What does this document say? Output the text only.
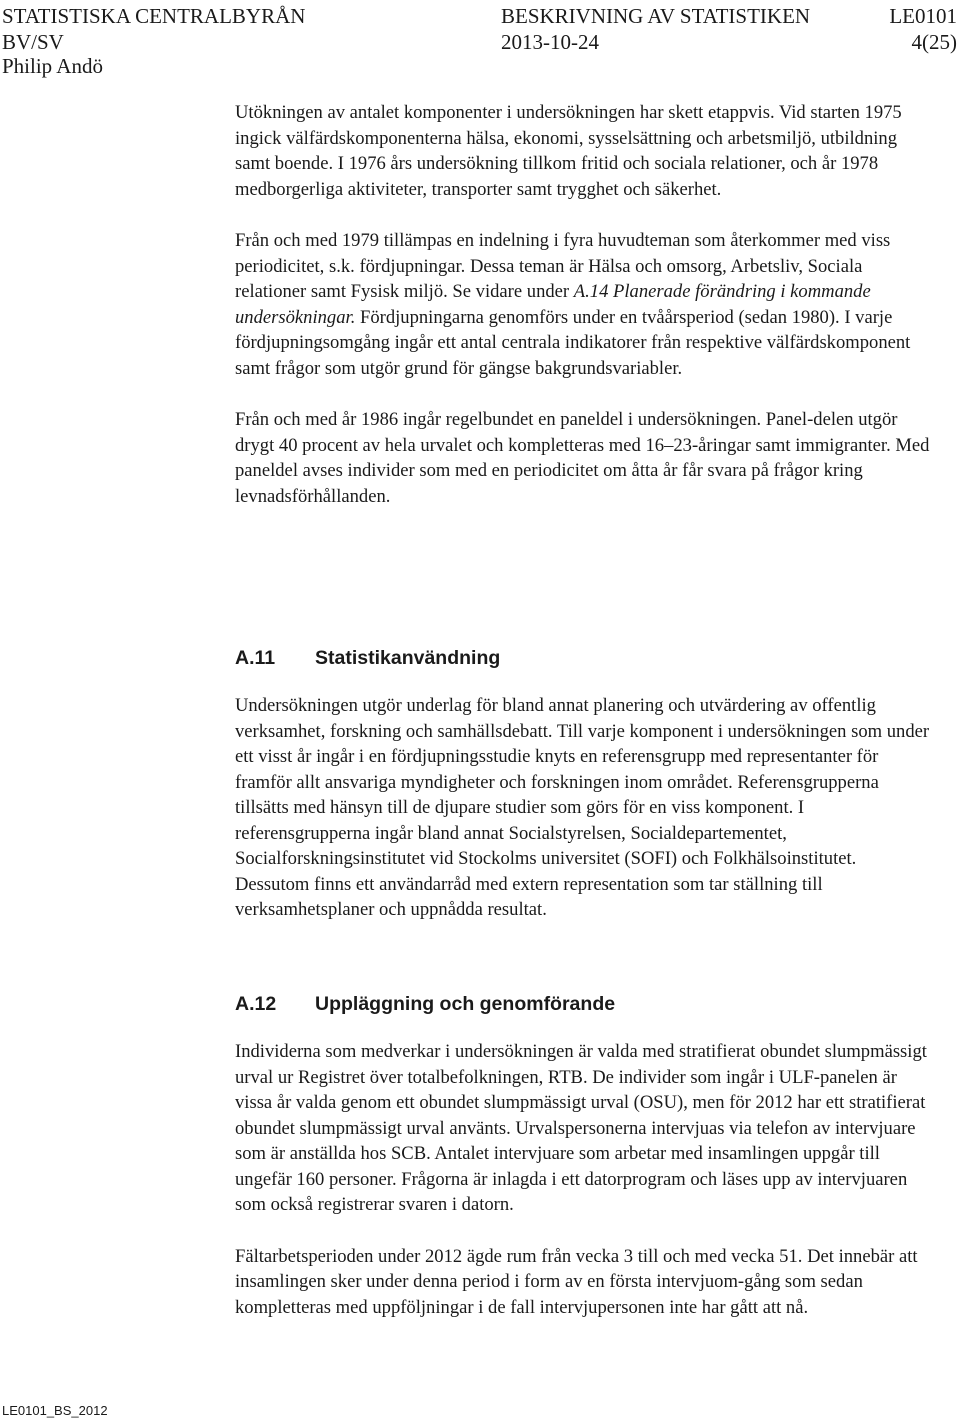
STATISTISKA CENTRALBYRÅN	BESKRIVNING AV STATISTIKEN	LE0101
BV/SV	2013-10-24	4(25)
Philip Andö

Utökningen av antalet komponenter i undersökningen har skett etappvis. Vid starten 1975 ingick välfärdskomponenterna hälsa, ekonomi, sysselsättning och arbetsmiljö, utbildning samt boende. I 1976 års undersökning tillkom fritid och sociala relationer, och år 1978 medborgerliga aktiviteter, transporter samt trygghet och säkerhet.

Från och med 1979 tillämpas en indelning i fyra huvudteman som återkommer med viss periodicitet, s.k. fördjupningar. Dessa teman är Hälsa och omsorg, Arbetsliv, Sociala relationer samt Fysisk miljö. Se vidare under A.14 Planerade förändring i kommande undersökningar. Fördjupningarna genomförs under en tvåårsperiod (sedan 1980). I varje fördjupningsomgång ingår ett antal centrala indikatorer från respektive välfärdskomponent samt frågor som utgör grund för gängse bakgrundsvariabler.

Från och med år 1986 ingår regelbundet en paneldel i undersökningen. Panel-delen utgör drygt 40 procent av hela urvalet och kompletteras med 16–23-åringar samt immigranter. Med paneldel avses individer som med en periodicitet om åtta år får svara på frågor kring levnadsförhållanden.

A.11 Statistikanvändning

Undersökningen utgör underlag för bland annat planering och utvärdering av offentlig verksamhet, forskning och samhällsdebatt. Till varje komponent i undersökningen som under ett visst år ingår i en fördjupningsstudie knyts en referensgrupp med representanter för framför allt ansvariga myndigheter och forskningen inom området. Referensgrupperna tillsätts med hänsyn till de djupare studier som görs för en viss komponent. I referensgrupperna ingår bland annat Socialstyrelsen, Socialdepartementet, Socialforskningsinstitutet vid Stockolms universitet (SOFI) och Folkhälsoinstitutet. Dessutom finns ett användarråd med extern representation som tar ställning till verksamhetsplaner och uppnådda resultat.

A.12 Uppläggning och genomförande

Individerna som medverkar i undersökningen är valda med stratifierat obundet slumpmässigt urval ur Registret över totalbefolkningen, RTB. De individer som ingår i ULF-panelen är vissa år valda genom ett obundet slumpmässigt urval (OSU), men för 2012 har ett stratifierat obundet slumpmässigt urval använts. Urvalspersonerna intervjuas via telefon av intervjuare som är anställda hos SCB. Antalet intervjuare som arbetar med insamlingen uppgår till ungefär 160 personer. Frågorna är inlagda i ett datorprogram och läses upp av intervjuaren som också registrerar svaren i datorn.

Fältarbetsperioden under 2012 ägde rum från vecka 3 till och med vecka 51. Det innebär att insamlingen sker under denna period i form av en första intervjuom-gång som sedan kompletteras med uppföljningar i de fall intervjupersonen inte har gått att nå.

LE0101_BS_2012
